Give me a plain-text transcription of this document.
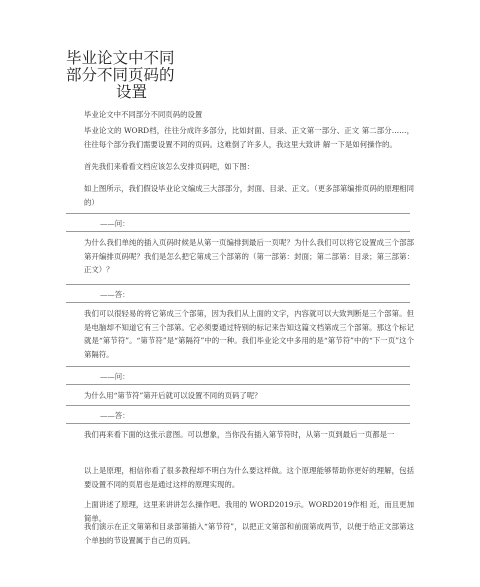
毕业论文中不同
部分不同页码的
设置
毕业论文中不同部分不同页码的设置
毕业论文的 WORD档，往往分成许多部分，比如封面、目录、正文第一部分、正文 第二部分……，往往每个部分我们需要设置不同的页码。这难倒了许多人，我这里大致讲 解一下是如何操作的。
首先我们来看看文档应该怎么安排页码吧，如下图：
如上图所示，我们假设毕业论文编成三大部部分，封面、目录、正文。（更多部第编排页码的原理相同的）
——问：
为什么我们单纯的插入页码时候是从第一页编排到最后一页呢？为什么我们可以将它设置成三个部部第开编排页码呢？我们是怎么把它第成三个部第的（第一部第：封面；第二部第：目录；第三部第：正文）？
——答：
我们可以很轻易的将它第成三个部第，因为我们从上面的文字，内容就可以大致判断是三个部第。但是电脑却不知道它有三个部第。它必须要通过特别的标记来告知这篇文档第成三个部第。那这个标记就是“第节符”。“第节符”是“第隔符”中的一种。我们毕业论文中多用的是“第节符”中的“下一页”这个第隔符。
——问：
为什么用“第节符”第开后就可以设置不同的页码了呢？
——答：
我们再来看下面的这张示意图。可以想象，当你没有插入第节符时，从第一页到最后一页都是一
以上是原理，相信你看了很多教程却不明白为什么要这样做。这个原理能够帮助你更好的理解，包括要设置不同的页眉也是通过这样的原理实现的。
上面讲述了原理，这里来讲讲怎么操作吧。我用的 WORD2019示。WORD2019作相 近，而且更加简单。
我们演示在正文第第和目录部第插入“第节符”，以把正文第部和前面第成两节，以便于给正文部第这个单独的节设置属于自己的页码。
